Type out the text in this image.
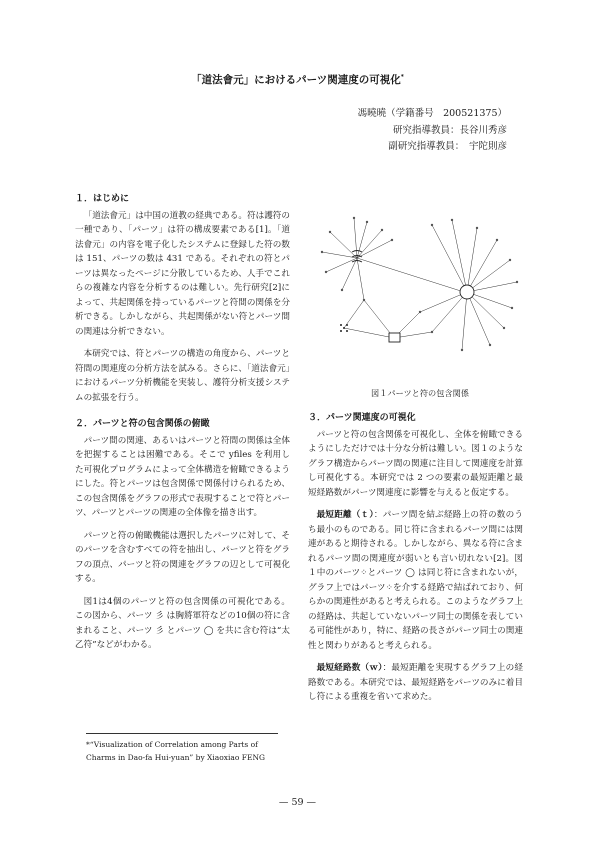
「道法會元」におけるパーツ関連度の可視化*
馮曉曉（学籍番号　200521375）
研究指導教員：長谷川秀彦
副研究指導教員：　宇陀則彦
１．はじめに

「道法會元」は中国の道教の経典である。符は護符の一種であり、「パーツ」は符の構成要素である[1]。「道法會元」の内容を電子化したシステムに登録した符の数は 151、パーツの数は 431 である。それぞれの符とパーツは異なったページに分散しているため、人手でこれらの複雑な内容を分析するのは難しい。先行研究[2]によって、共起関係を持っているパーツと符間の関係を分析できる。しかしながら、共起関係がない符とパーツ間の関連は分析できない。

本研究では、符とパーツの構造の角度から、パーツと符間の関連度の分析方法を試みる。さらに、「道法會元」におけるパーツ分析機能を実装し、護符分析支援システムの拡張を行う。

２．パーツと符の包含関係の俯瞰

パーツ間の関連、あるいはパーツと符間の関係は全体を把握することは困難である。そこで yfiles を利用した可視化プログラムによって全体構造を俯瞰できるようにした。符とパーツは包含関係で関係付けられるため、この包含関係をグラフの形式で表現することで符とパーツ、パーツとパーツの関連の全体像を描き出す。

パーツと符の俯瞰機能は選択したパーツに対して、そのパーツを含むすべての符を抽出し、パーツと符をグラフの頂点、パーツと符の関連をグラフの辺として可視化する。

図1は4個のパーツと符の包含関係の可視化である。この図から、パーツ 彡 は胸將軍符などの10個の符に含まれること、パーツ 彡 とパーツ ◯ を共に含む符は“太乙符”などがわかる。

図１パーツと符の包含関係
３．パーツ関連度の可視化

パーツと符の包含関係を可視化し、全体を俯瞰できるようにしただけでは十分な分析は難しい。図１のようなグラフ構造からパーツ間の関連に注目して関連度を計算し可視化する。本研究では 2 つの要素の最短距離と最短経路数がパーツ関連度に影響を与えると仮定する。

最短距離（ｔ）：パーツ間を結ぶ経路上の符の数のうち最小のものである。同じ符に含まれるパーツ間には関連があると期待される。しかしながら、異なる符に含まれるパーツ間の関連度が弱いとも言い切れない[2]。図１中のパーツ⁘とパーツ ◯ は同じ符に含まれないが，グラフ上ではパーツ⁘を介する経路で結ばれており、何らかの関連性があると考えられる。このようなグラフ上の経路は、共起していないパーツ同士の関係を表している可能性があり，特に、経路の長さがパーツ同士の関連性と関わりがあると考えられる。

最短経路数（ｗ）：最短距離を実現するグラフ上の経路数である。本研究では、最短経路をパーツのみに着目し符による重複を省いて求めた。

*“Visualization of Correlation among Parts of
Charms in Dao-fa Hui-yuan” by Xiaoxiao FENG
— 59 —
